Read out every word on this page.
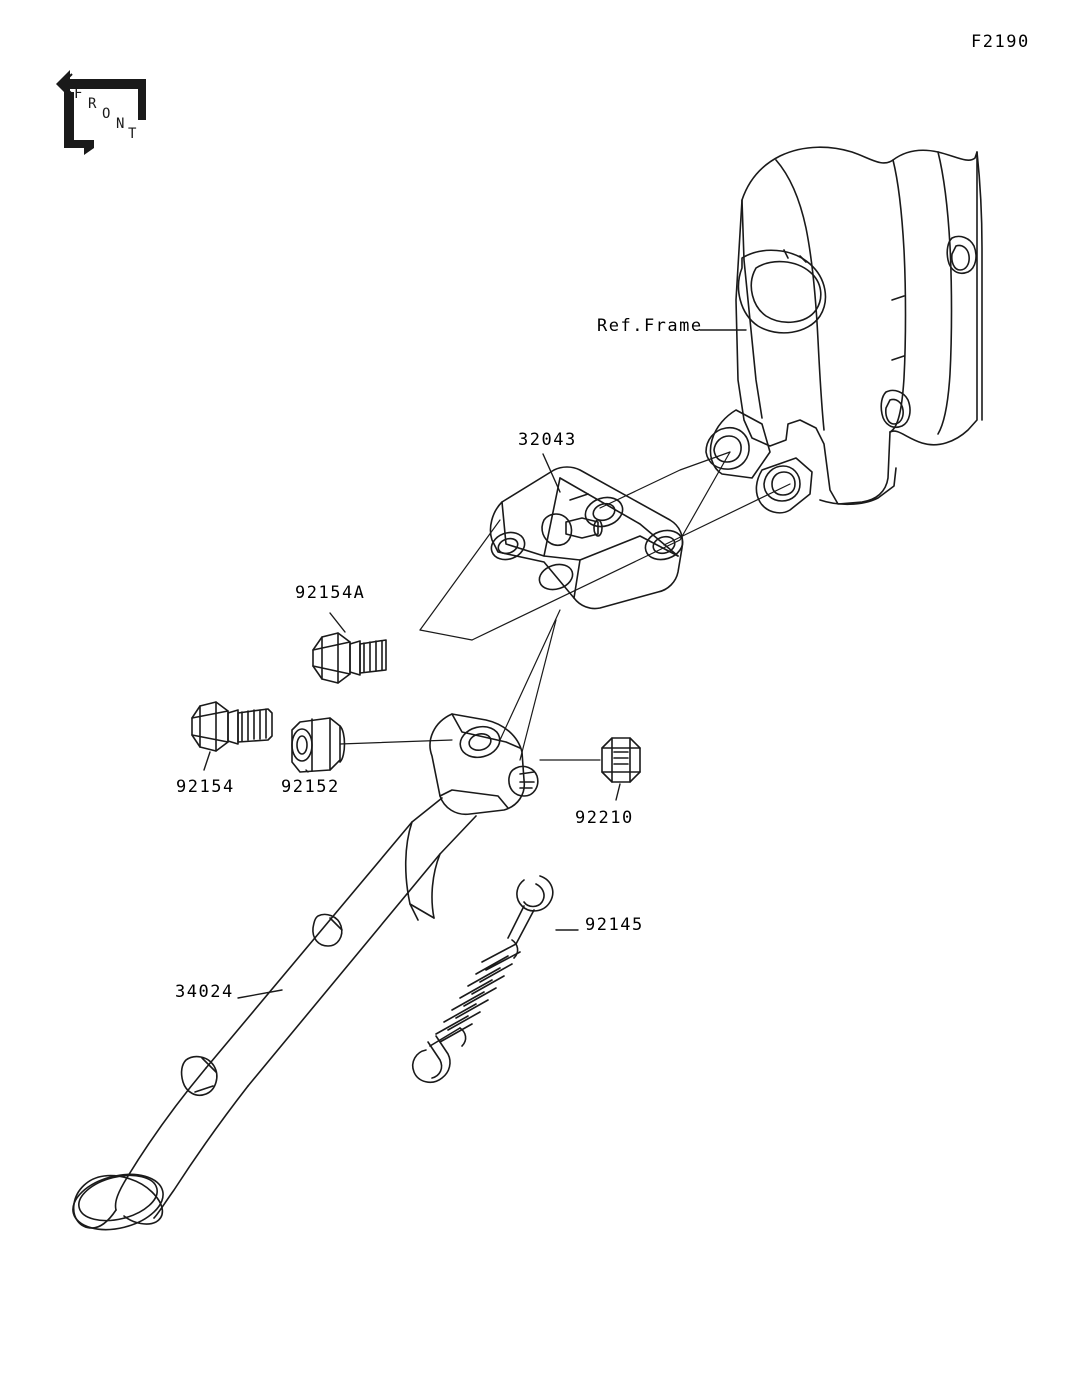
F2190
F
R
O
N
T
Ref.Frame
32043
92154A
92154	92152
92210
92145
34024
